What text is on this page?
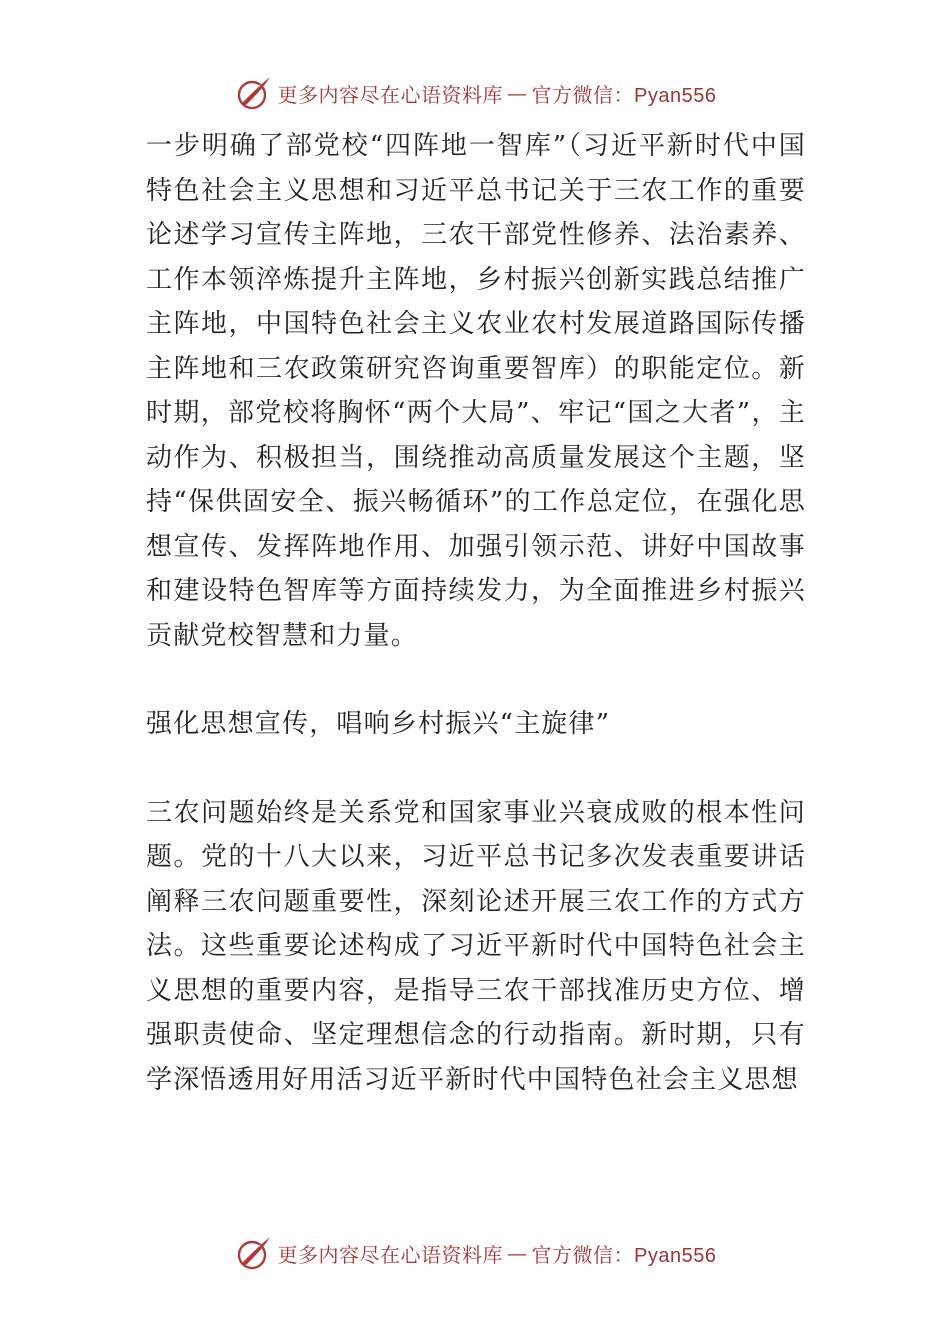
更多内容尽在心语资料库 — 官方微信：Pyan556

一步明确了部党校“四阵地一智库”（习近平新时代中国特色社会主义思想和习近平总书记关于三农工作的重要论述学习宣传主阵地，三农干部党性修养、法治素养、工作本领淬炼提升主阵地，乡村振兴创新实践总结推广主阵地，中国特色社会主义农业农村发展道路国际传播主阵地和三农政策研究咨询重要智库）的职能定位。新时期，部党校将胸怀“两个大局”、牢记“国之大者”，主动作为、积极担当，围绕推动高质量发展这个主题，坚持“保供固安全、振兴畅循环”的工作总定位，在强化思想宣传、发挥阵地作用、加强引领示范、讲好中国故事和建设特色智库等方面持续发力，为全面推进乡村振兴贡献党校智慧和力量。

强化思想宣传，唱响乡村振兴“主旋律”

三农问题始终是关系党和国家事业兴衰成败的根本性问题。党的十八大以来，习近平总书记多次发表重要讲话阐释三农问题重要性，深刻论述开展三农工作的方式方法。这些重要论述构成了习近平新时代中国特色社会主义思想的重要内容，是指导三农干部找准历史方位、增强职责使命、坚定理想信念的行动指南。新时期，只有学深悟透用好用活习近平新时代中国特色社会主义思想

更多内容尽在心语资料库 — 官方微信：Pyan556
